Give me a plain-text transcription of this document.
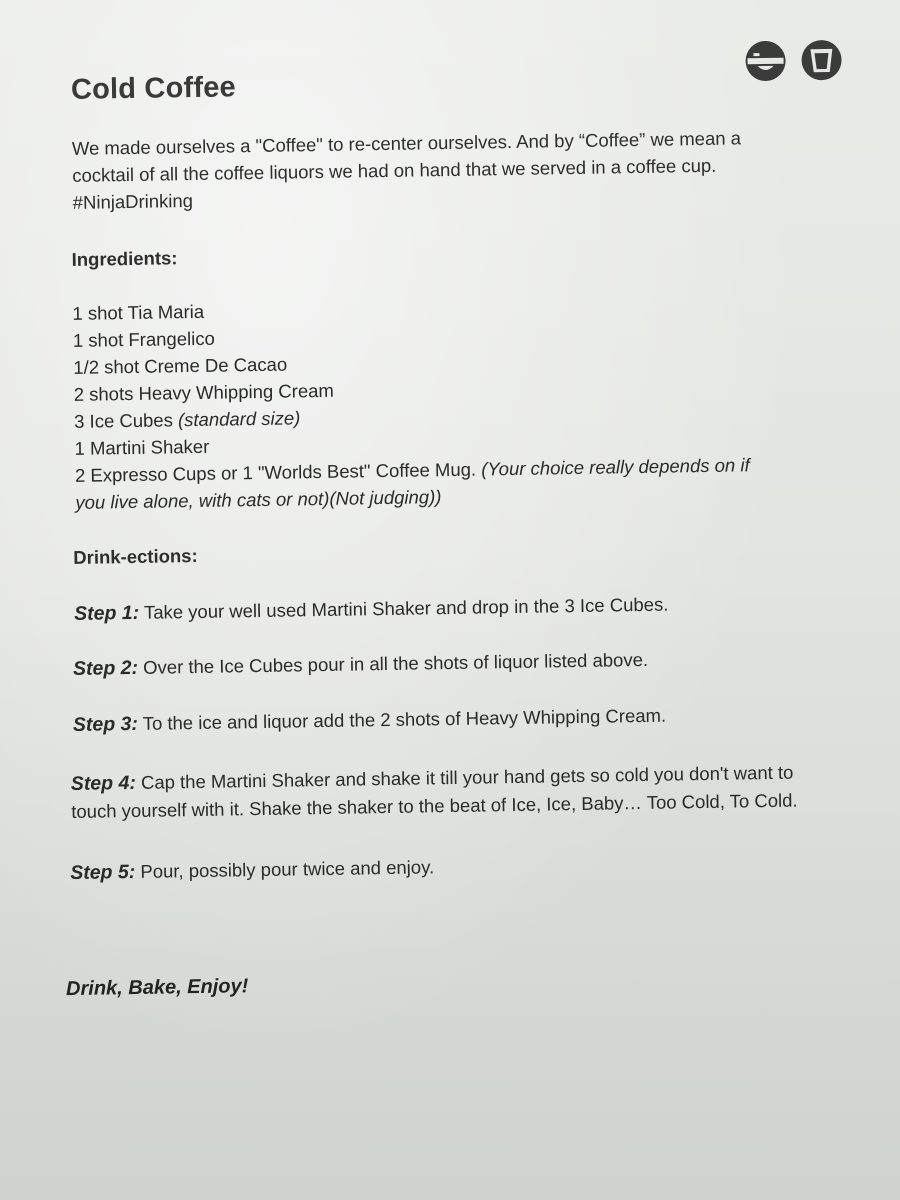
Cold Coffee
We made ourselves a "Coffee" to re-center ourselves. And by “Coffee” we mean a
cocktail of all the coffee liquors we had on hand that we served in a coffee cup.
#NinjaDrinking
Ingredients:
1 shot Tia Maria
1 shot Frangelico
1/2 shot Creme De Cacao
2 shots Heavy Whipping Cream
3 Ice Cubes (standard size)
1 Martini Shaker
2 Expresso Cups or 1 "Worlds Best" Coffee Mug. (Your choice really depends on if
you live alone, with cats or not)(Not judging))
Drink-ections:
Step 1: Take your well used Martini Shaker and drop in the 3 Ice Cubes.
Step 2: Over the Ice Cubes pour in all the shots of liquor listed above.
Step 3: To the ice and liquor add the 2 shots of Heavy Whipping Cream.
Step 4: Cap the Martini Shaker and shake it till your hand gets so cold you don't want to
touch yourself with it. Shake the shaker to the beat of Ice, Ice, Baby… Too Cold, To Cold.
Step 5: Pour, possibly pour twice and enjoy.
Drink, Bake, Enjoy!
